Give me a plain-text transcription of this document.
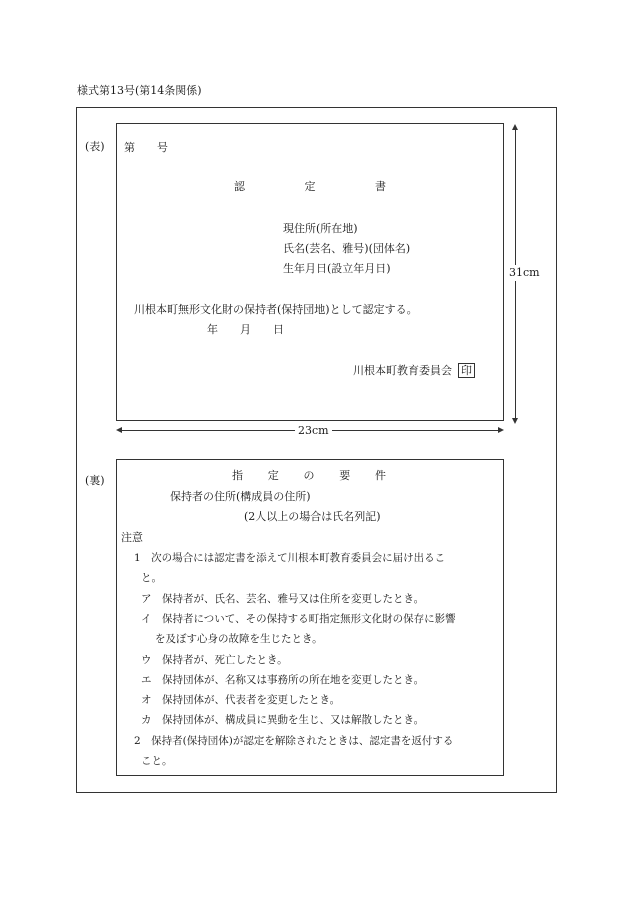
様式第13号(第14条関係)
(表) 第　　号
認	定	書
現住所(所在地)
氏名(芸名、雅号)(団体名)
生年月日(設立年月日)
川根本町無形文化財の保持者(保持団地)として認定する。
年　　月　　日
川根本町教育委員会 印
31cm
23cm
(裏)	指 定 の 要 件
保持者の住所(構成員の住所)
(2人以上の場合は氏名列記)
注意
1　次の場合には認定書を添えて川根本町教育委員会に届け出るこ
と。
ア　保持者が、氏名、芸名、雅号又は住所を変更したとき。
イ　保持者について、その保持する町指定無形文化財の保存に影響
を及ぼす心身の故障を生じたとき。
ウ　保持者が、死亡したとき。
エ　保持団体が、名称又は事務所の所在地を変更したとき。
オ　保持団体が、代表者を変更したとき。
カ　保持団体が、構成員に異動を生じ、又は解散したとき。
2　保持者(保持団体)が認定を解除されたときは、認定書を返付する
こと。
